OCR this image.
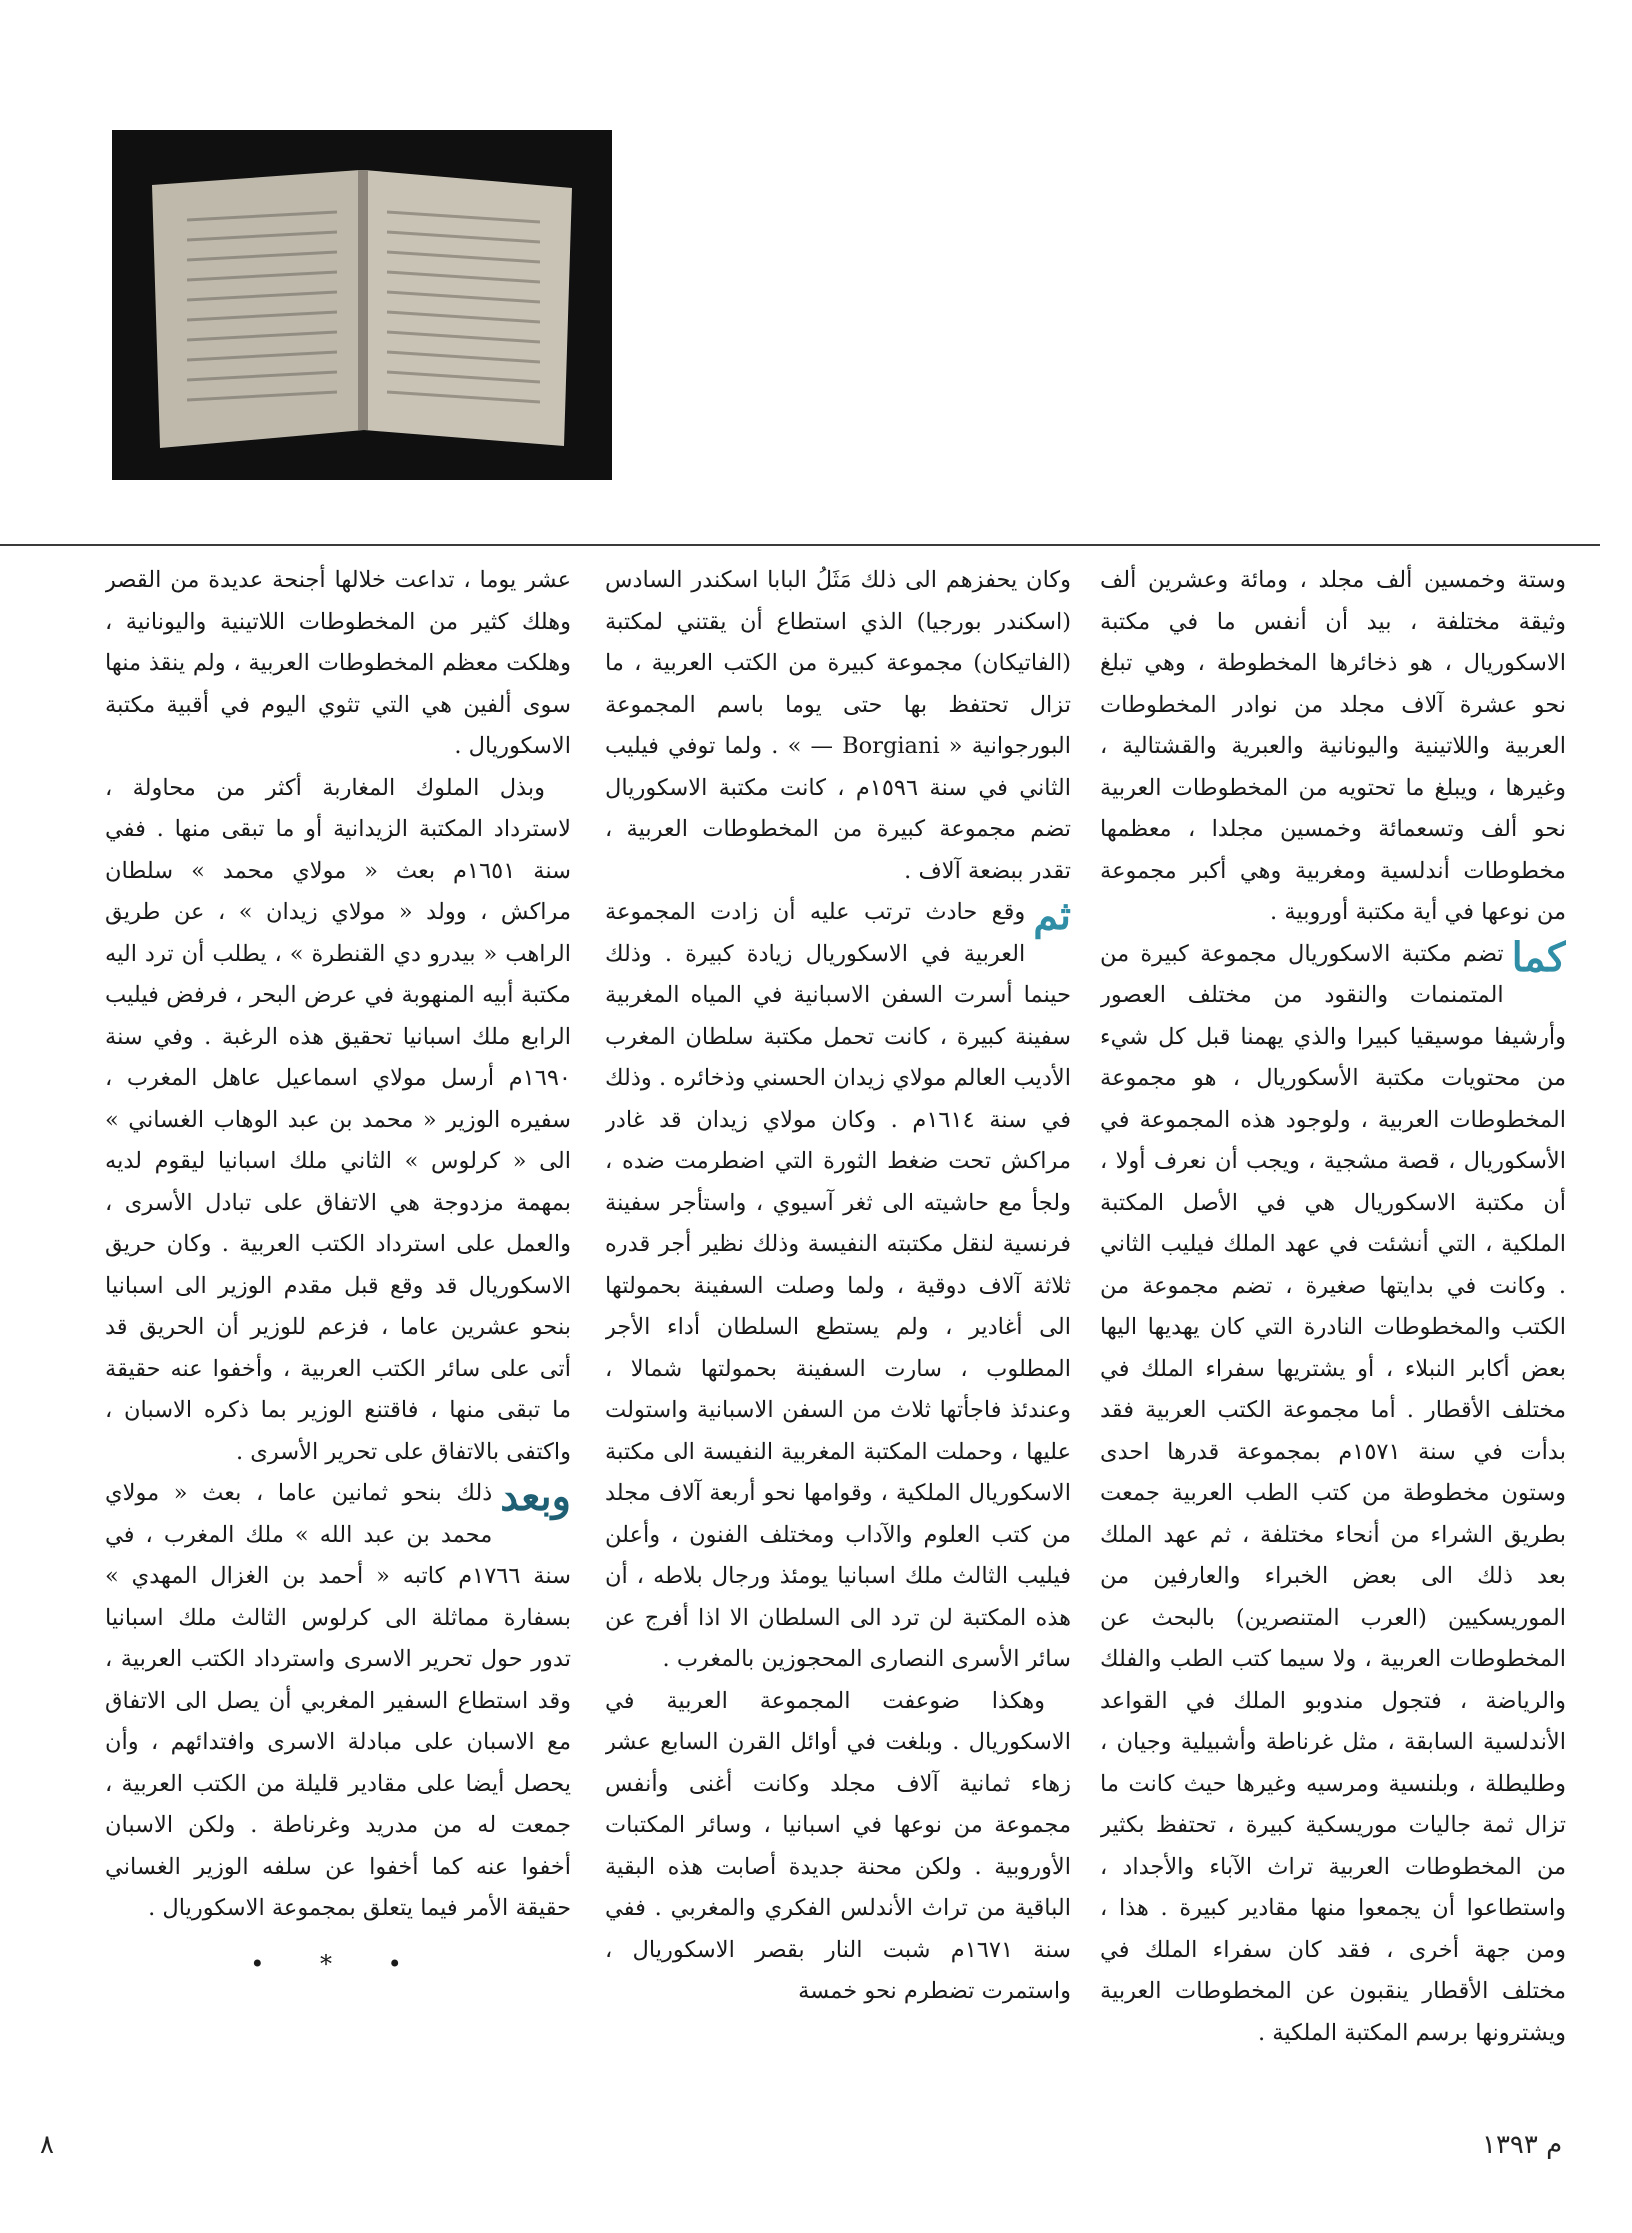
وستة وخمسين ألف مجلد ، ومائة وعشرين ألف وثيقة مختلفة ، بيد أن أنفس ما في مكتبة الاسكوريال ، هو ذخائرها المخطوطة ، وهي تبلغ نحو عشرة آلاف مجلد من نوادر المخطوطات العربية واللاتينية واليونانية والعبرية والقشتالية ، وغيرها ، ويبلغ ما تحتويه من المخطوطات العربية نحو ألف وتسعمائة وخمسين مجلدا ، معظمها مخطوطات أندلسية ومغربية وهي أكبر مجموعة من نوعها في أية مكتبة أوروبية .

كما
تضم مكتبة الاسكوريال مجموعة كبيرة من المتمنمات والنقود من مختلف العصور وأرشيفا موسيقيا كبيرا والذي يهمنا قبل كل شيء من محتويات مكتبة الأسكوريال ، هو مجموعة المخطوطات العربية ، ولوجود هذه المجموعة في الأسكوريال ، قصة مشجية ، ويجب أن نعرف أولا ، أن مكتبة الاسكوريال هي في الأصل المكتبة الملكية ، التي أنشئت في عهد الملك فيليب الثاني . وكانت في بدايتها صغيرة ، تضم مجموعة من الكتب والمخطوطات النادرة التي كان يهديها اليها بعض أكابر النبلاء ، أو يشتريها سفراء الملك في مختلف الأقطار . أما مجموعة الكتب العربية فقد بدأت في سنة ١٥٧١م بمجموعة قدرها احدى وستون مخطوطة من كتب الطب العربية جمعت بطريق الشراء من أنحاء مختلفة ، ثم عهد الملك بعد ذلك الى بعض الخبراء والعارفين من الموريسكيين (العرب المتنصرين) بالبحث عن المخطوطات العربية ، ولا سيما كتب الطب والفلك والرياضة ، فتجول مندوبو الملك في القواعد الأندلسية السابقة ، مثل غرناطة وأشبيلية وجيان ، وطليطلة ، وبلنسية ومرسيه وغيرها حيث كانت ما تزال ثمة جاليات موريسكية كبيرة ، تحتفظ بكثير من المخطوطات العربية تراث الآباء والأجداد ، واستطاعوا أن يجمعوا منها مقادير كبيرة . هذا ، ومن جهة أخرى ، فقد كان سفراء الملك في مختلف الأقطار ينقبون عن المخطوطات العربية ويشترونها برسم المكتبة الملكية .

وكان يحفزهم الى ذلك مَثَلُ البابا اسكندر السادس (اسكندر بورجيا) الذي استطاع أن يقتني لمكتبة (الفاتيكان) مجموعة كبيرة من الكتب العربية ، ما تزال تحتفظ بها حتى يوما باسم المجموعة البورجوانية « Borgiani — » . ولما توفي فيليب الثاني في سنة ١٥٩٦م ، كانت مكتبة الاسكوريال تضم مجموعة كبيرة من المخطوطات العربية ، تقدر ببضعة آلاف .

ثم
وقع حادث ترتب عليه أن زادت المجموعة العربية في الاسكوريال زيادة كبيرة . وذلك حينما أسرت السفن الاسبانية في المياه المغربية سفينة كبيرة ، كانت تحمل مكتبة سلطان المغرب الأديب العالم مولاي زيدان الحسني وذخائره . وذلك في سنة ١٦١٤م . وكان مولاي زيدان قد غادر مراكش تحت ضغط الثورة التي اضطرمت ضده ، ولجأ مع حاشيته الى ثغر آسيوي ، واستأجر سفينة فرنسية لنقل مكتبته النفيسة وذلك نظير أجر قدره ثلاثة آلاف دوقية ، ولما وصلت السفينة بحمولتها الى أغادير ، ولم يستطع السلطان أداء الأجر المطلوب ، سارت السفينة بحمولتها شمالا ، وعندئذ فاجأتها ثلاث من السفن الاسبانية واستولت عليها ، وحملت المكتبة المغربية النفيسة الى مكتبة الاسكوريال الملكية ، وقوامها نحو أربعة آلاف مجلد من كتب العلوم والآداب ومختلف الفنون ، وأعلن فيليب الثالث ملك اسبانيا يومئذ ورجال بلاطه ، أن هذه المكتبة لن ترد الى السلطان الا اذا أفرج عن سائر الأسرى النصارى المحجوزين بالمغرب .

وهكذا ضوعفت المجموعة العربية في الاسكوريال . وبلغت في أوائل القرن السابع عشر زهاء ثمانية آلاف مجلد وكانت أغنى وأنفس مجموعة من نوعها في اسبانيا ، وسائر المكتبات الأوروبية . ولكن محنة جديدة أصابت هذه البقية الباقية من تراث الأندلس الفكري والمغربي . ففي سنة ١٦٧١م شبت النار بقصر الاسكوريال ، واستمرت تضطرم نحو خمسة

عشر يوما ، تداعت خلالها أجنحة عديدة من القصر وهلك كثير من المخطوطات اللاتينية واليونانية ، وهلكت معظم المخطوطات العربية ، ولم ينقذ منها سوى ألفين هي التي تثوي اليوم في أقبية مكتبة الاسكوريال .

وبذل الملوك المغاربة أكثر من محاولة ، لاسترداد المكتبة الزيدانية أو ما تبقى منها . ففي سنة ١٦٥١م بعث « مولاي محمد » سلطان مراكش ، وولد « مولاي زيدان » ، عن طريق الراهب « بيدرو دي القنطرة » ، يطلب أن ترد اليه مكتبة أبيه المنهوبة في عرض البحر ، فرفض فيليب الرابع ملك اسبانيا تحقيق هذه الرغبة . وفي سنة ١٦٩٠م أرسل مولاي اسماعيل عاهل المغرب ، سفيره الوزير « محمد بن عبد الوهاب الغساني » الى « كرلوس » الثاني ملك اسبانيا ليقوم لديه بمهمة مزدوجة هي الاتفاق على تبادل الأسرى ، والعمل على استرداد الكتب العربية . وكان حريق الاسكوريال قد وقع قبل مقدم الوزير الى اسبانيا بنحو عشرين عاما ، فزعم للوزير أن الحريق قد أتى على سائر الكتب العربية ، وأخفوا عنه حقيقة ما تبقى منها ، فاقتنع الوزير بما ذكره الاسبان ، واكتفى بالاتفاق على تحرير الأسرى .

وبعد
ذلك بنحو ثمانين عاما ، بعث « مولاي محمد بن عبد الله » ملك المغرب ، في سنة ١٧٦٦م كاتبه « أحمد بن الغزال المهدي » بسفارة مماثلة الى كرلوس الثالث ملك اسبانيا تدور حول تحرير الاسرى واسترداد الكتب العربية ، وقد استطاع السفير المغربي أن يصل الى الاتفاق مع الاسبان على مبادلة الاسرى وافتدائهم ، وأن يحصل أيضا على مقادير قليلة من الكتب العربية ، جمعت له من مدريد وغرناطة . ولكن الاسبان أخفوا عنه كما أخفوا عن سلفه الوزير الغساني حقيقة الأمر فيما يتعلق بمجموعة الاسكوريال .

• * •
م ١٣٩٣
٨
